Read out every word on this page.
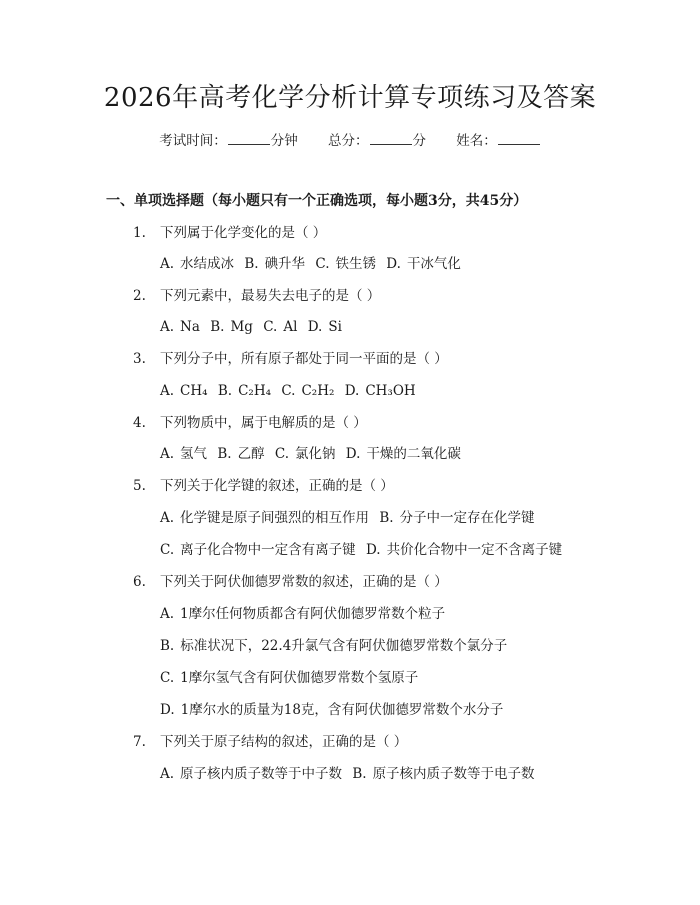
2026年高考化学分析计算专项练习及答案
考试时间：	分钟 总分：	分 姓名：
一、单项选择题（每小题只有一个正确选项，每小题3分，共45分）
1. 下列属于化学变化的是（ ）
A. 水结成冰 B. 碘升华 C. 铁生锈 D. 干冰气化
2. 下列元素中，最易失去电子的是（ ）
A. Na B. Mg C. Al D. Si
3. 下列分子中，所有原子都处于同一平面的是（ ）
A. CH₄ B. C₂H₄ C. C₂H₂ D. CH₃OH
4. 下列物质中，属于电解质的是（ ）
A. 氢气 B. 乙醇 C. 氯化钠 D. 干燥的二氧化碳
5. 下列关于化学键的叙述，正确的是（ ）
A. 化学键是原子间强烈的相互作用 B. 分子中一定存在化学键
C. 离子化合物中一定含有离子键 D. 共价化合物中一定不含离子键
6. 下列关于阿伏伽德罗常数的叙述，正确的是（ ）
A. 1摩尔任何物质都含有阿伏伽德罗常数个粒子
B. 标准状况下，22.4升氯气含有阿伏伽德罗常数个氯分子
C. 1摩尔氢气含有阿伏伽德罗常数个氢原子
D. 1摩尔水的质量为18克，含有阿伏伽德罗常数个水分子
7. 下列关于原子结构的叙述，正确的是（ ）
A. 原子核内质子数等于中子数 B. 原子核内质子数等于电子数
